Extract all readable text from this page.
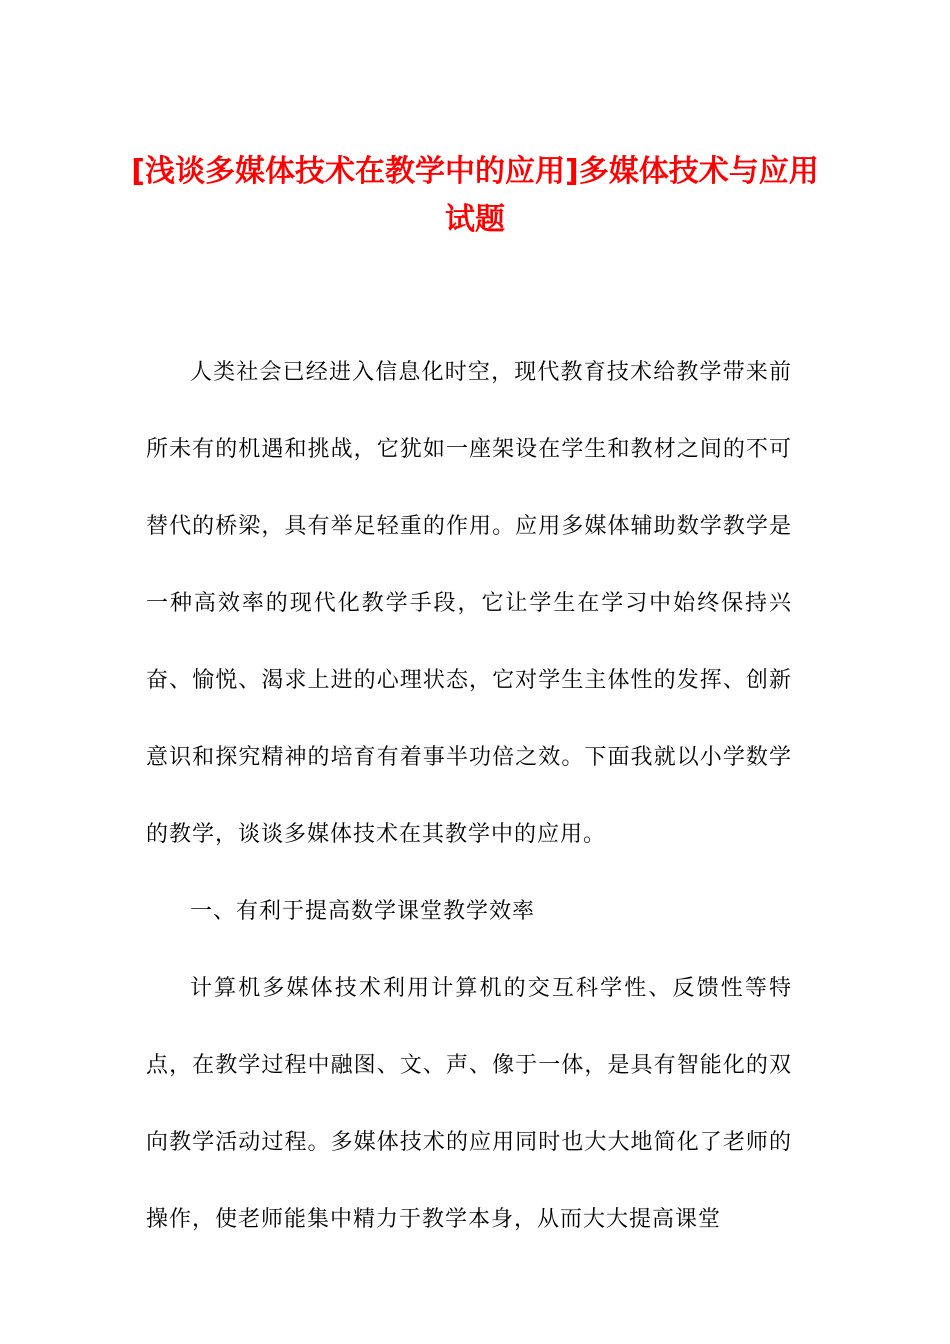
[浅谈多媒体技术在教学中的应用]多媒体技术与应用试题

人类社会已经进入信息化时空，现代教育技术给教学带来前所未有的机遇和挑战，它犹如一座架设在学生和教材之间的不可替代的桥梁，具有举足轻重的作用。应用多媒体辅助数学教学是一种高效率的现代化教学手段，它让学生在学习中始终保持兴奋、愉悦、渴求上进的心理状态，它对学生主体性的发挥、创新意识和探究精神的培育有着事半功倍之效。下面我就以小学数学的教学，谈谈多媒体技术在其教学中的应用。

一、有利于提高数学课堂教学效率

计算机多媒体技术利用计算机的交互科学性、反馈性等特点，在教学过程中融图、文、声、像于一体，是具有智能化的双向教学活动过程。多媒体技术的应用同时也大大地简化了老师的操作，使老师能集中精力于教学本身，从而大大提高课堂
